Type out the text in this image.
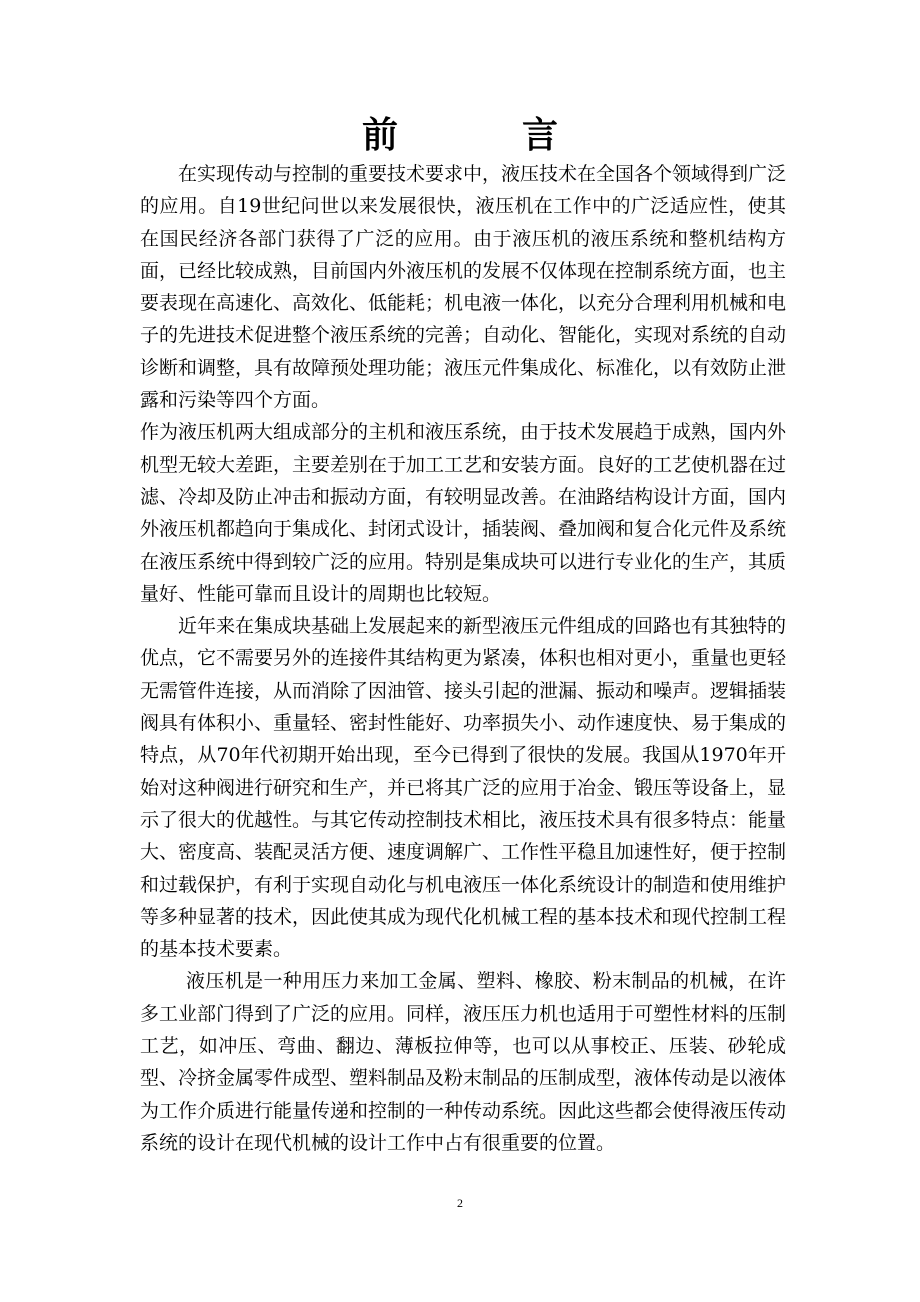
前　言

在实现传动与控制的重要技术要求中，液压技术在全国各个领域得到广泛的应用。自19世纪问世以来发展很快，液压机在工作中的广泛适应性，使其在国民经济各部门获得了广泛的应用。由于液压机的液压系统和整机结构方面，已经比较成熟，目前国内外液压机的发展不仅体现在控制系统方面，也主要表现在高速化、高效化、低能耗；机电液一体化，以充分合理利用机械和电子的先进技术促进整个液压系统的完善；自动化、智能化，实现对系统的自动诊断和调整，具有故障预处理功能；液压元件集成化、标准化，以有效防止泄露和污染等四个方面。

作为液压机两大组成部分的主机和液压系统，由于技术发展趋于成熟，国内外机型无较大差距，主要差别在于加工工艺和安装方面。良好的工艺使机器在过滤、冷却及防止冲击和振动方面，有较明显改善。在油路结构设计方面，国内外液压机都趋向于集成化、封闭式设计，插装阀、叠加阀和复合化元件及系统在液压系统中得到较广泛的应用。特别是集成块可以进行专业化的生产，其质量好、性能可靠而且设计的周期也比较短。

近年来在集成块基础上发展起来的新型液压元件组成的回路也有其独特的优点，它不需要另外的连接件其结构更为紧凑，体积也相对更小，重量也更轻无需管件连接，从而消除了因油管、接头引起的泄漏、振动和噪声。逻辑插装阀具有体积小、重量轻、密封性能好、功率损失小、动作速度快、易于集成的特点，从70年代初期开始出现，至今已得到了很快的发展。我国从1970年开始对这种阀进行研究和生产，并已将其广泛的应用于冶金、锻压等设备上，显示了很大的优越性。与其它传动控制技术相比，液压技术具有很多特点：能量大、密度高、装配灵活方便、速度调解广、工作性平稳且加速性好，便于控制和过载保护，有利于实现自动化与机电液压一体化系统设计的制造和使用维护等多种显著的技术，因此使其成为现代化机械工程的基本技术和现代控制工程的基本技术要素。

液压机是一种用压力来加工金属、塑料、橡胶、粉末制品的机械，在许多工业部门得到了广泛的应用。同样，液压压力机也适用于可塑性材料的压制工艺，如冲压、弯曲、翻边、薄板拉伸等，也可以从事校正、压装、砂轮成型、冷挤金属零件成型、塑料制品及粉末制品的压制成型，液体传动是以液体为工作介质进行能量传递和控制的一种传动系统。因此这些都会使得液压传动系统的设计在现代机械的设计工作中占有很重要的位置。

2
